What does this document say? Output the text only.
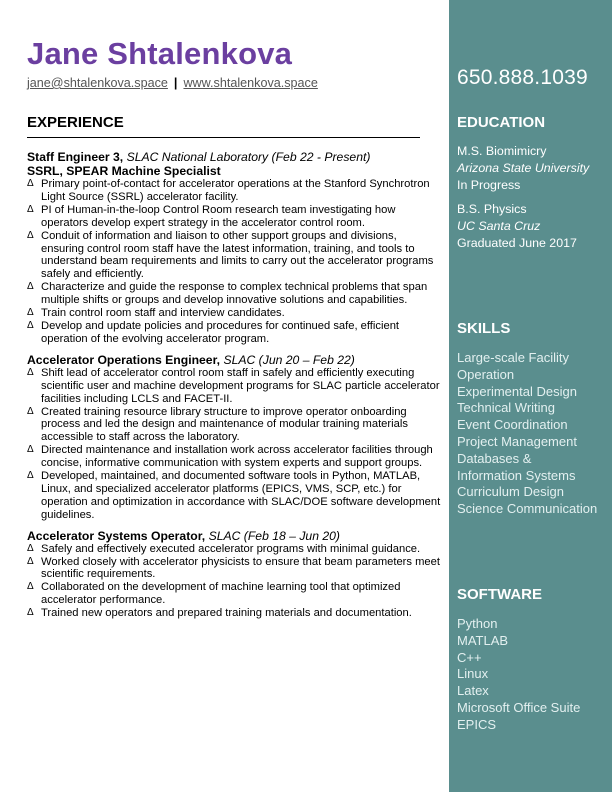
Jane Shtalenkova
jane@shtalenkova.space | www.shtalenkova.space
EXPERIENCE
Staff Engineer 3, SLAC National Laboratory (Feb 22 - Present)
SSRL, SPEAR Machine Specialist
Δ Primary point-of-contact for accelerator operations at the Stanford Synchrotron Light Source (SSRL) accelerator facility.
Δ PI of Human-in-the-loop Control Room research team investigating how operators develop expert strategy in the accelerator control room.
Δ Conduit of information and liaison to other support groups and divisions, ensuring control room staff have the latest information, training, and tools to understand beam requirements and limits to carry out the accelerator programs safely and efficiently.
Δ Characterize and guide the response to complex technical problems that span multiple shifts or groups and develop innovative solutions and capabilities.
Δ Train control room staff and interview candidates.
Δ Develop and update policies and procedures for continued safe, efficient operation of the evolving accelerator program.
Accelerator Operations Engineer, SLAC (Jun 20 – Feb 22)
Δ Shift lead of accelerator control room staff in safely and efficiently executing scientific user and machine development programs for SLAC particle accelerator facilities including LCLS and FACET-II.
Δ Created training resource library structure to improve operator onboarding process and led the design and maintenance of modular training materials accessible to staff across the laboratory.
Δ Directed maintenance and installation work across accelerator facilities through concise, informative communication with system experts and support groups.
Δ Developed, maintained, and documented software tools in Python, MATLAB, Linux, and specialized accelerator platforms (EPICS, VMS, SCP, etc.) for operation and optimization in accordance with SLAC/DOE software development guidelines.
Accelerator Systems Operator, SLAC (Feb 18 – Jun 20)
Δ Safely and effectively executed accelerator programs with minimal guidance.
Δ Worked closely with accelerator physicists to ensure that beam parameters meet scientific requirements.
Δ Collaborated on the development of machine learning tool that optimized accelerator performance.
Δ Trained new operators and prepared training materials and documentation.
650.888.1039
EDUCATION
M.S. Biomimicry
Arizona State University
In Progress
B.S. Physics
UC Santa Cruz
Graduated June 2017
SKILLS
Large-scale Facility Operation
Experimental Design
Technical Writing
Event Coordination
Project Management
Databases & Information Systems
Curriculum Design
Science Communication
SOFTWARE
Python
MATLAB
C++
Linux
Latex
Microsoft Office Suite
EPICS
